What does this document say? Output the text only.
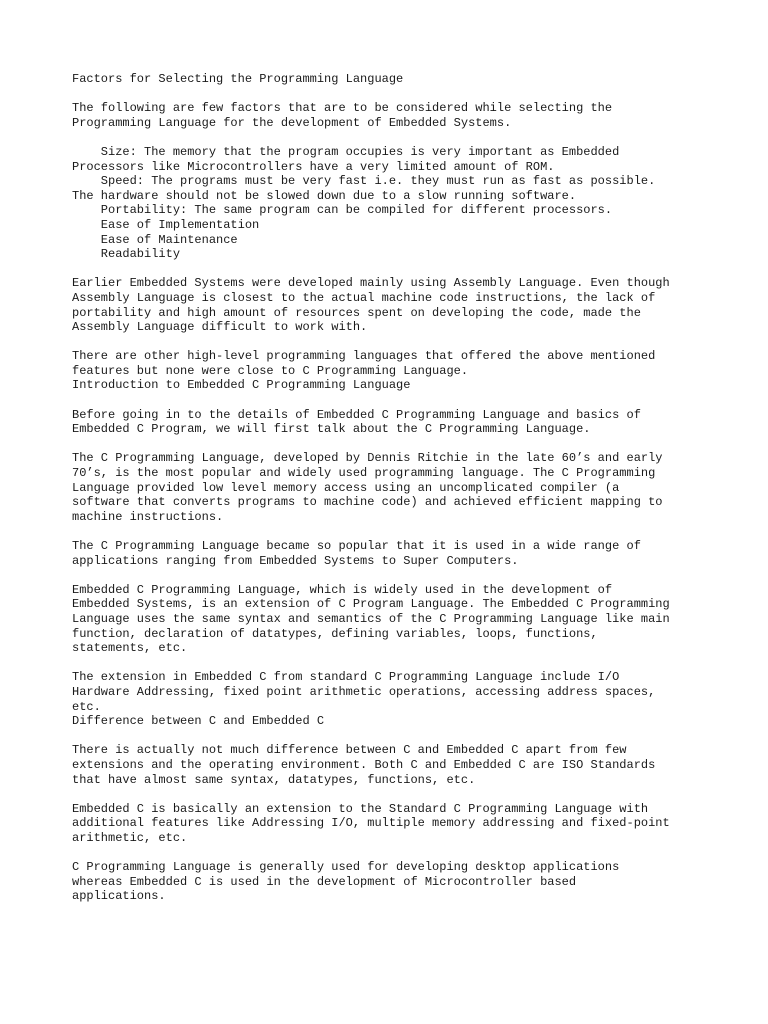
Factors for Selecting the Programming Language
The following are few factors that are to be considered while selecting the
Programming Language for the development of Embedded Systems.
Size: The memory that the program occupies is very important as Embedded
Processors like Microcontrollers have a very limited amount of ROM.
Speed: The programs must be very fast i.e. they must run as fast as possible.
The hardware should not be slowed down due to a slow running software.
Portability: The same program can be compiled for different processors.
Ease of Implementation
Ease of Maintenance
Readability
Earlier Embedded Systems were developed mainly using Assembly Language. Even though
Assembly Language is closest to the actual machine code instructions, the lack of
portability and high amount of resources spent on developing the code, made the
Assembly Language difficult to work with.
There are other high-level programming languages that offered the above mentioned
features but none were close to C Programming Language.
Introduction to Embedded C Programming Language
Before going in to the details of Embedded C Programming Language and basics of
Embedded C Program, we will first talk about the C Programming Language.
The C Programming Language, developed by Dennis Ritchie in the late 60’s and early
70’s, is the most popular and widely used programming language. The C Programming
Language provided low level memory access using an uncomplicated compiler (a
software that converts programs to machine code) and achieved efficient mapping to
machine instructions.
The C Programming Language became so popular that it is used in a wide range of
applications ranging from Embedded Systems to Super Computers.
Embedded C Programming Language, which is widely used in the development of
Embedded Systems, is an extension of C Program Language. The Embedded C Programming
Language uses the same syntax and semantics of the C Programming Language like main
function, declaration of datatypes, defining variables, loops, functions,
statements, etc.
The extension in Embedded C from standard C Programming Language include I/O
Hardware Addressing, fixed point arithmetic operations, accessing address spaces,
etc.
Difference between C and Embedded C
There is actually not much difference between C and Embedded C apart from few
extensions and the operating environment. Both C and Embedded C are ISO Standards
that have almost same syntax, datatypes, functions, etc.
Embedded C is basically an extension to the Standard C Programming Language with
additional features like Addressing I/O, multiple memory addressing and fixed-point
arithmetic, etc.
C Programming Language is generally used for developing desktop applications
whereas Embedded C is used in the development of Microcontroller based
applications.
